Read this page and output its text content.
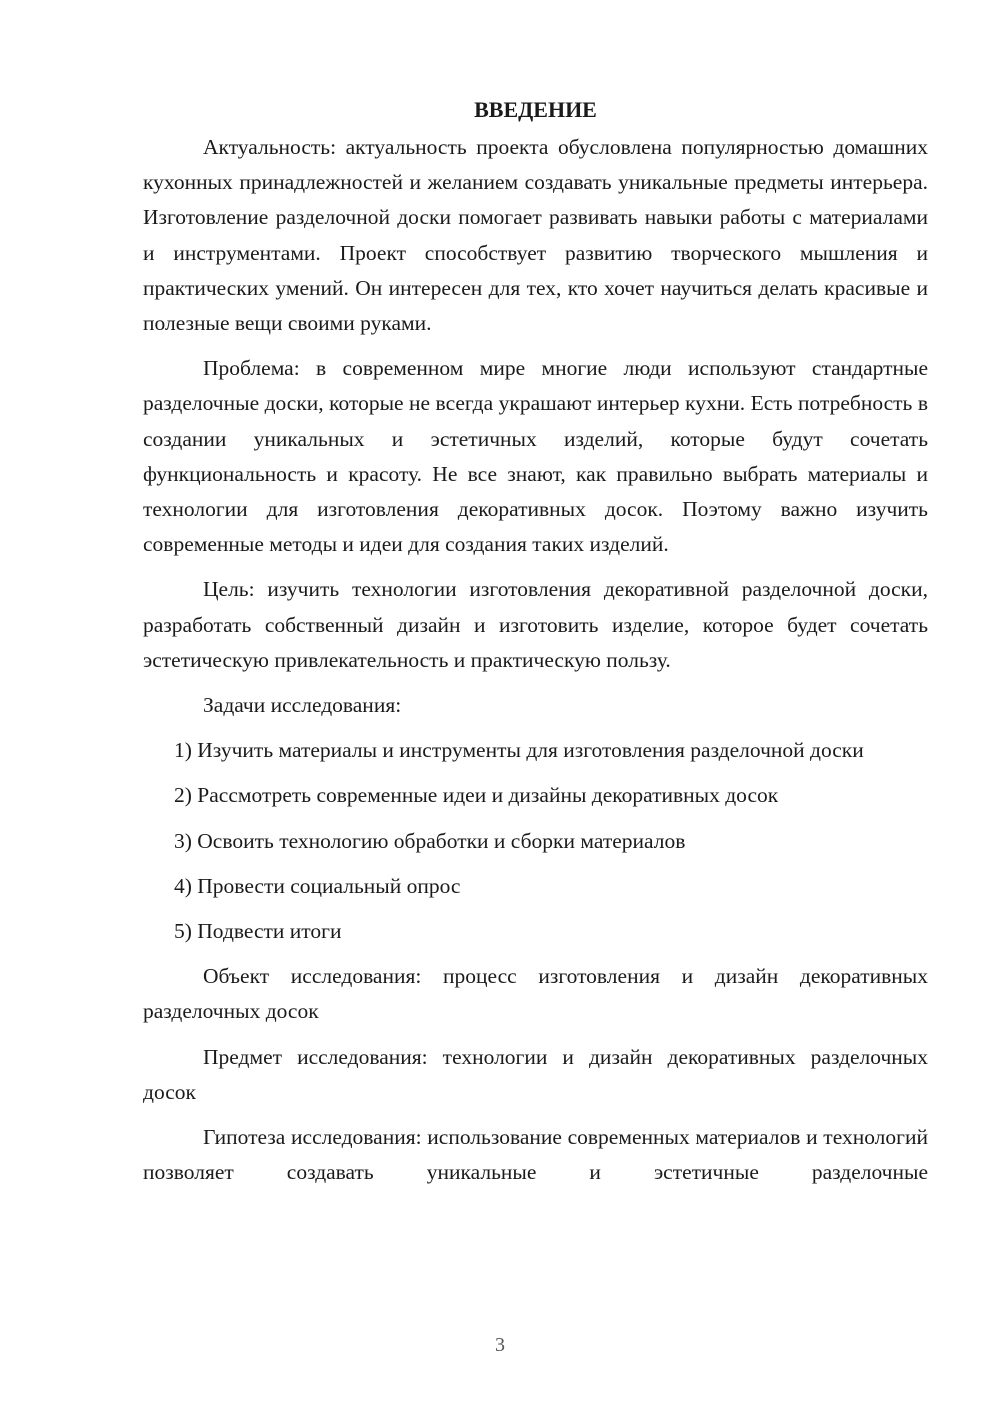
ВВЕДЕНИЕ

Актуальность: актуальность проекта обусловлена популярностью домашних кухонных принадлежностей и желанием создавать уникальные предметы интерьера. Изготовление разделочной доски помогает развивать навыки работы с материалами и инструментами. Проект способствует развитию творческого мышления и практических умений. Он интересен для тех, кто хочет научиться делать красивые и полезные вещи своими руками.

Проблема: в современном мире многие люди используют стандартные разделочные доски, которые не всегда украшают интерьер кухни. Есть потребность в создании уникальных и эстетичных изделий, которые будут сочетать функциональность и красоту. Не все знают, как правильно выбрать материалы и технологии для изготовления декоративных досок. Поэтому важно изучить современные методы и идеи для создания таких изделий.

Цель: изучить технологии изготовления декоративной разделочной доски, разработать собственный дизайн и изготовить изделие, которое будет сочетать эстетическую привлекательность и практическую пользу.

Задачи исследования:

1) Изучить материалы и инструменты для изготовления разделочной доски

2) Рассмотреть современные идеи и дизайны декоративных досок

3) Освоить технологию обработки и сборки материалов

4) Провести социальный опрос

5) Подвести итоги

Объект исследования: процесс изготовления и дизайн декоративных разделочных досок

Предмет исследования: технологии и дизайн декоративных разделочных досок

Гипотеза исследования: использование современных материалов и технологий позволяет создавать уникальные и эстетичные разделочные

3
